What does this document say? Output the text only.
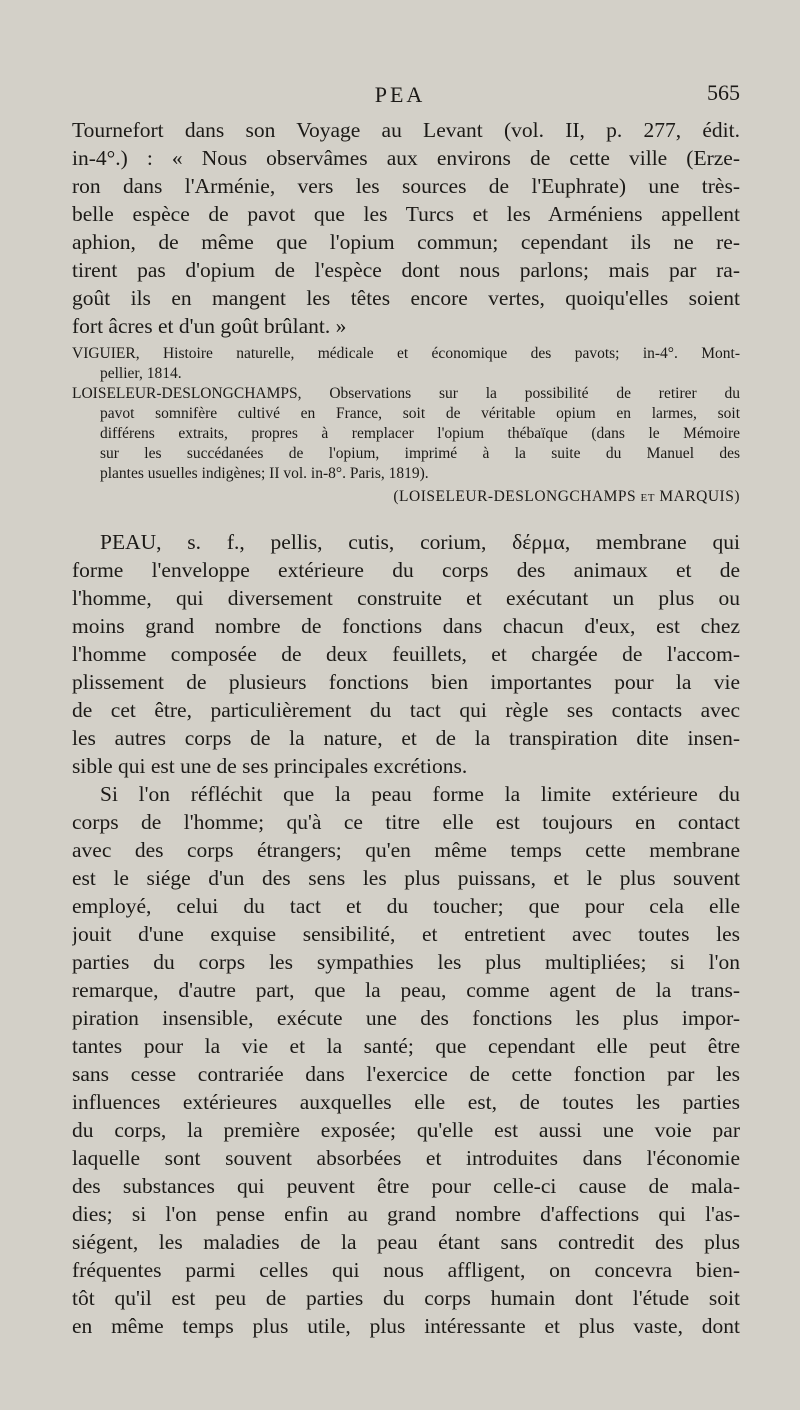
PEA	565
Tournefort dans son Voyage au Levant (vol. II, p. 277, édit.
in-4°.) : « Nous observâmes aux environs de cette ville (Erze-
ron dans l'Arménie, vers les sources de l'Euphrate) une très-
belle espèce de pavot que les Turcs et les Arméniens appellent
aphion, de même que l'opium commun; cependant ils ne re-
tirent pas d'opium de l'espèce dont nous parlons; mais par ra-
goût ils en mangent les têtes encore vertes, quoiqu'elles soient
fort âcres et d'un goût brûlant. »
VIGUIER, Histoire naturelle, médicale et économique des pavots; in-4°. Mont-
pellier, 1814.
LOISELEUR-DESLONGCHAMPS, Observations sur la possibilité de retirer du
pavot somnifère cultivé en France, soit de véritable opium en larmes, soit
différens extraits, propres à remplacer l'opium thébaïque (dans le Mémoire
sur les succédanées de l'opium, imprimé à la suite du Manuel des
plantes usuelles indigènes; II vol. in-8°. Paris, 1819).
(LOISELEUR-DESLONGCHAMPS et MARQUIS)
PEAU, s. f., pellis, cutis, corium, δέρμα, membrane qui
forme l'enveloppe extérieure du corps des animaux et de
l'homme, qui diversement construite et exécutant un plus ou
moins grand nombre de fonctions dans chacun d'eux, est chez
l'homme composée de deux feuillets, et chargée de l'accom-
plissement de plusieurs fonctions bien importantes pour la vie
de cet être, particulièrement du tact qui règle ses contacts avec
les autres corps de la nature, et de la transpiration dite insen-
sible qui est une de ses principales excrétions.
Si l'on réfléchit que la peau forme la limite extérieure du
corps de l'homme; qu'à ce titre elle est toujours en contact
avec des corps étrangers; qu'en même temps cette membrane
est le siége d'un des sens les plus puissans, et le plus souvent
employé, celui du tact et du toucher; que pour cela elle
jouit d'une exquise sensibilité, et entretient avec toutes les
parties du corps les sympathies les plus multipliées; si l'on
remarque, d'autre part, que la peau, comme agent de la trans-
piration insensible, exécute une des fonctions les plus impor-
tantes pour la vie et la santé; que cependant elle peut être
sans cesse contrariée dans l'exercice de cette fonction par les
influences extérieures auxquelles elle est, de toutes les parties
du corps, la première exposée; qu'elle est aussi une voie par
laquelle sont souvent absorbées et introduites dans l'économie
des substances qui peuvent être pour celle-ci cause de mala-
dies; si l'on pense enfin au grand nombre d'affections qui l'as-
siégent, les maladies de la peau étant sans contredit des plus
fréquentes parmi celles qui nous affligent, on concevra bien-
tôt qu'il est peu de parties du corps humain dont l'étude soit
en même temps plus utile, plus intéressante et plus vaste, dont
